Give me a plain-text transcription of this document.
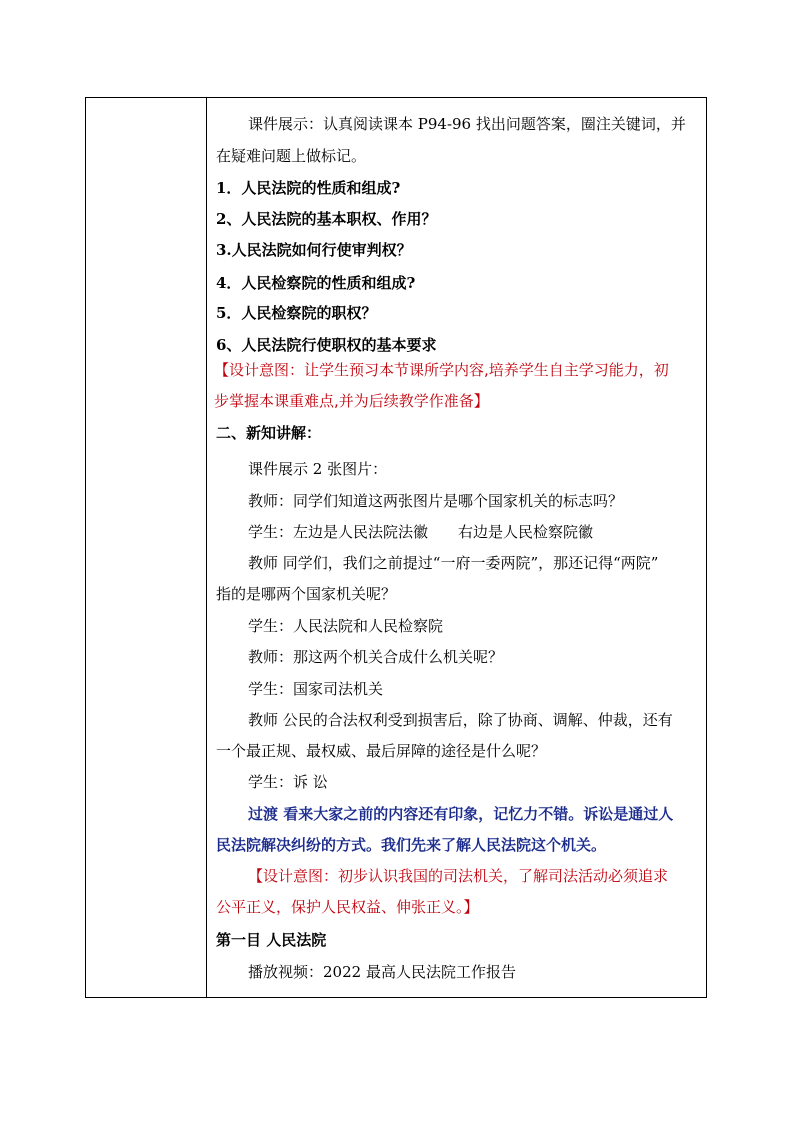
课件展示：认真阅读课本 P94-96 找出问题答案，圈注关键词，并
在疑难问题上做标记。
1．人民法院的性质和组成?
2、人民法院的基本职权、作用？
3.人民法院如何行使审判权？
4．人民检察院的性质和组成?
5．人民检察院的职权？
6、人民法院行使职权的基本要求
【设计意图：让学生预习本节课所学内容,培养学生自主学习能力，初
步掌握本课重难点,并为后续教学作准备】
二、新知讲解：
课件展示 2 张图片：
教师：同学们知道这两张图片是哪个国家机关的标志吗？
学生：左边是人民法院法徽　　右边是人民检察院徽
教师 同学们，我们之前提过“一府一委两院”，那还记得“两院”
指的是哪两个国家机关呢？
学生：人民法院和人民检察院
教师：那这两个机关合成什么机关呢？
学生：国家司法机关
教师 公民的合法权利受到损害后，除了协商、调解、仲裁，还有
一个最正规、最权威、最后屏障的途径是什么呢？
学生：诉 讼
过渡 看来大家之前的内容还有印象，记忆力不错。诉讼是通过人
民法院解决纠纷的方式。我们先来了解人民法院这个机关。
【设计意图：初步认识我国的司法机关，了解司法活动必须追求
公平正义，保护人民权益、伸张正义。】
第一目 人民法院
播放视频：2022 最高人民法院工作报告
